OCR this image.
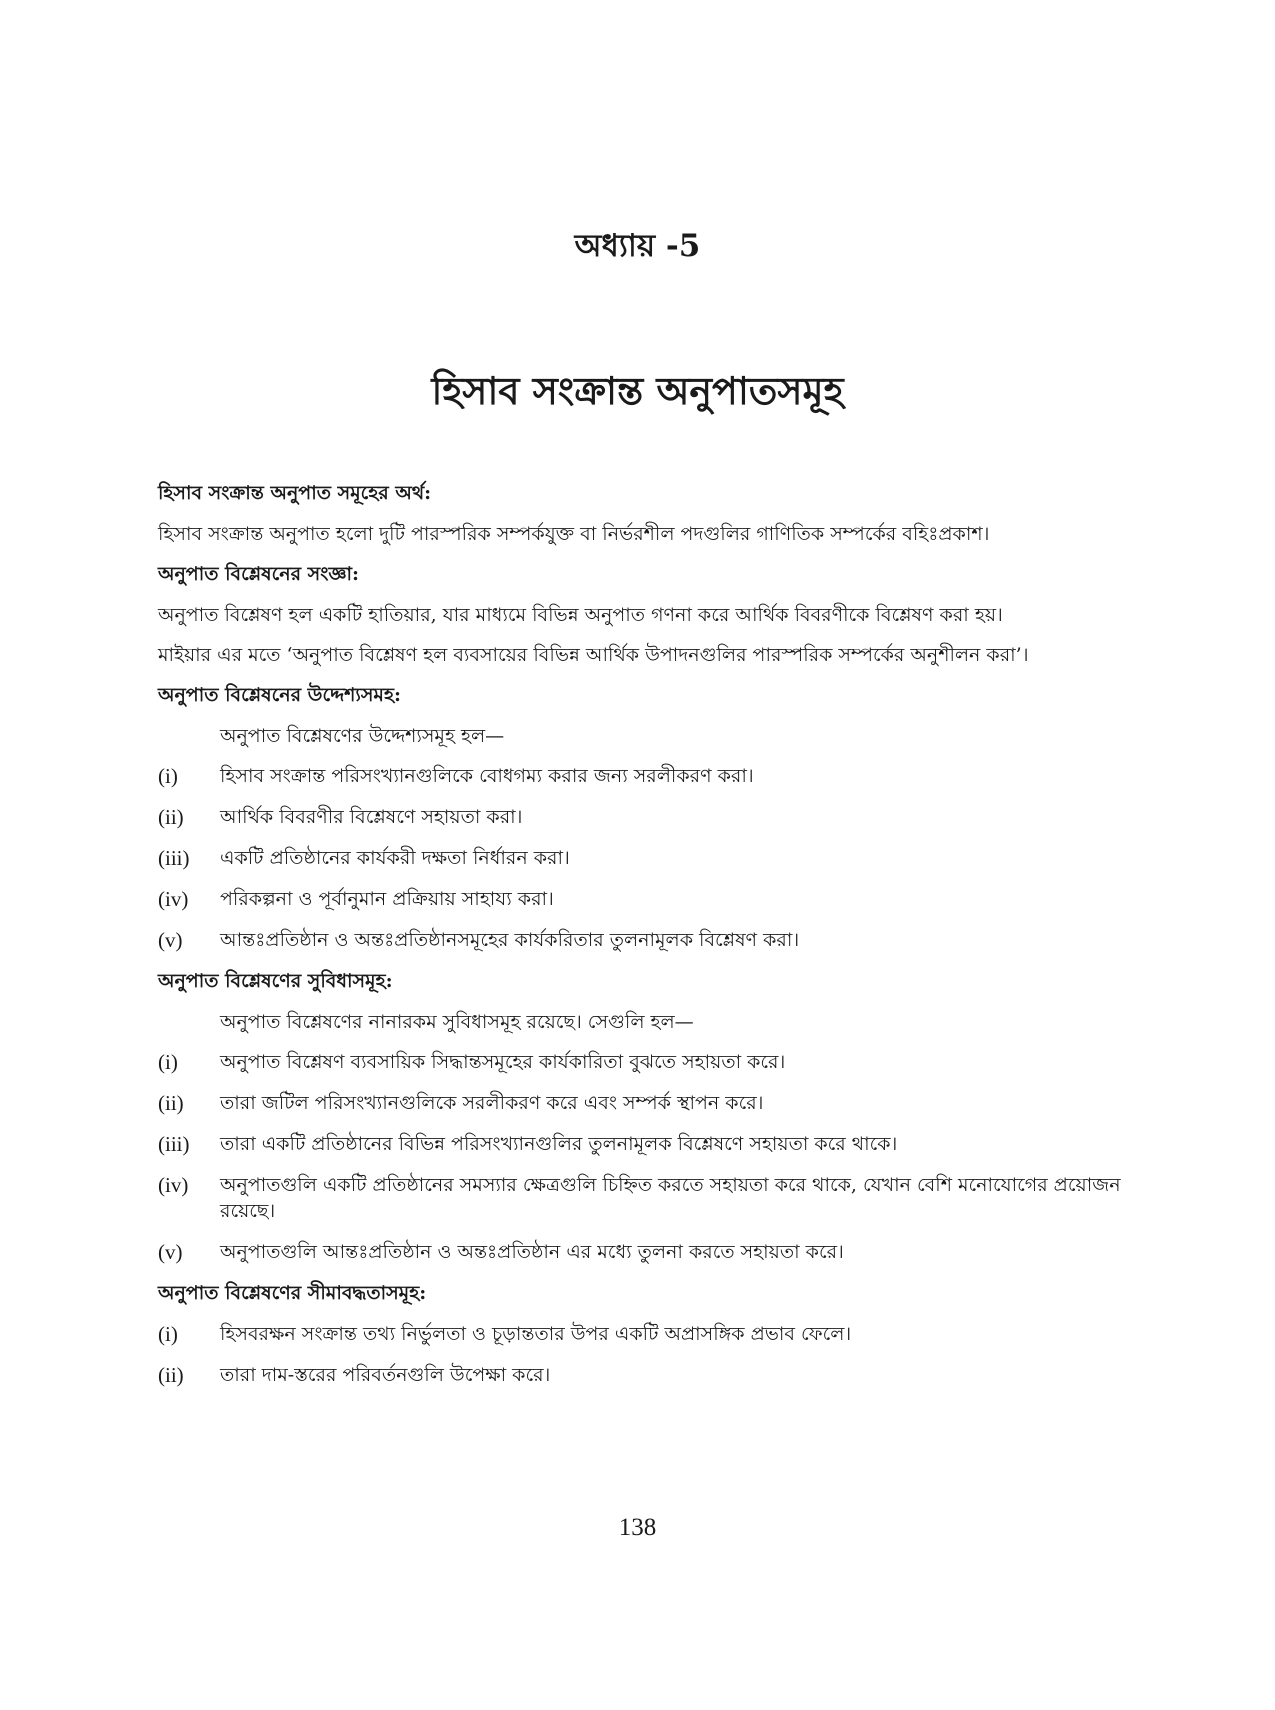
অধ্যায় -5
হিসাব সংক্রান্ত অনুপাতসমূহ
হিসাব সংক্রান্ত অনুপাত সমূহের অর্থ:
হিসাব সংক্রান্ত অনুপাত হলো দুটি পারস্পরিক সম্পর্কযুক্ত বা নির্ভরশীল পদগুলির গাণিতিক সম্পর্কের বহিঃপ্রকাশ।
অনুপাত বিশ্লেষনের সংজ্ঞা:
অনুপাত বিশ্লেষণ হল একটি হাতিয়ার, যার মাধ্যমে বিভিন্ন অনুপাত গণনা করে আর্থিক বিবরণীকে বিশ্লেষণ করা হয়।
মাইয়ার এর মতে ‘অনুপাত বিশ্লেষণ হল ব্যবসায়ের বিভিন্ন আর্থিক উপাদনগুলির পারস্পরিক সম্পর্কের অনুশীলন করা’।
অনুপাত বিশ্লেষনের উদ্দেশ্যসমহ:
অনুপাত বিশ্লেষণের উদ্দেশ্যসমূহ হল—
(i)	হিসাব সংক্রান্ত পরিসংখ্যানগুলিকে বোধগম্য করার জন্য সরলীকরণ করা।
(ii)	আর্থিক বিবরণীর বিশ্লেষণে সহায়তা করা।
(iii)	একটি প্রতিষ্ঠানের কার্যকরী দক্ষতা নির্ধারন করা।
(iv)	পরিকল্পনা ও পূর্বানুমান প্রক্রিয়ায় সাহায্য করা।
(v)	আন্তঃপ্রতিষ্ঠান ও অন্তঃপ্রতিষ্ঠানসমূহের কার্যকরিতার তুলনামূলক বিশ্লেষণ করা।
অনুপাত বিশ্লেষণের সুবিধাসমূহ:
অনুপাত বিশ্লেষণের নানারকম সুবিধাসমূহ রয়েছে। সেগুলি হল—
(i)	অনুপাত বিশ্লেষণ ব্যবসায়িক সিদ্ধান্তসমূহের কার্যকারিতা বুঝতে সহায়তা করে।
(ii)	তারা জটিল পরিসংখ্যানগুলিকে সরলীকরণ করে এবং সম্পর্ক স্থাপন করে।
(iii)	তারা একটি প্রতিষ্ঠানের বিভিন্ন পরিসংখ্যানগুলির তুলনামূলক বিশ্লেষণে সহায়তা করে থাকে।
(iv)	অনুপাতগুলি একটি প্রতিষ্ঠানের সমস্যার ক্ষেত্রগুলি চিহ্নিত করতে সহায়তা করে থাকে, যেখান বেশি মনোযোগের প্রয়োজন রয়েছে।
(v)	অনুপাতগুলি আন্তঃপ্রতিষ্ঠান ও অন্তঃপ্রতিষ্ঠান এর মধ্যে তুলনা করতে সহায়তা করে।
অনুপাত বিশ্লেষণের সীমাবদ্ধতাসমূহ:
(i)	হিসবরক্ষন সংক্রান্ত তথ্য নির্ভুলতা ও চূড়ান্ততার উপর একটি অপ্রাসঙ্গিক প্রভাব ফেলে।
(ii)	তারা দাম-স্তরের পরিবর্তনগুলি উপেক্ষা করে।
138
